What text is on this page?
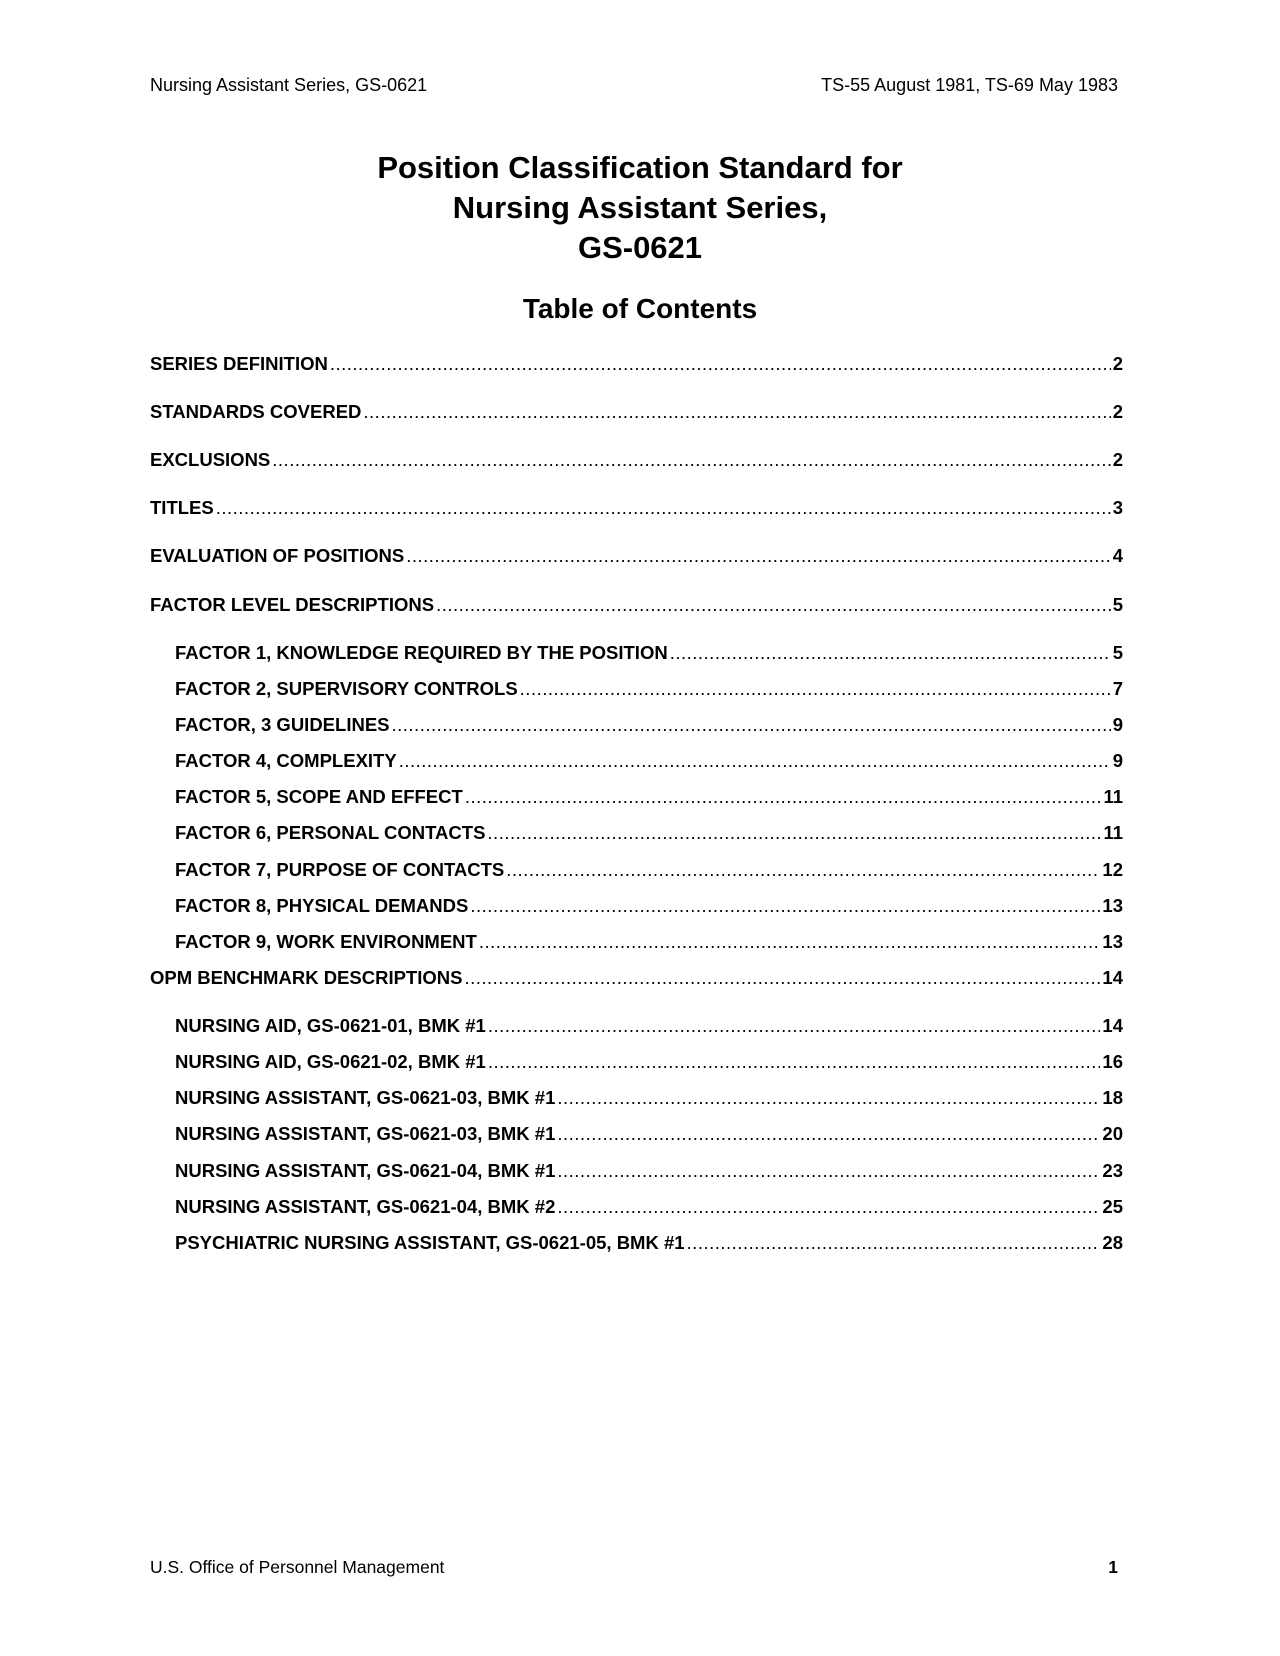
Nursing Assistant Series, GS-0621	TS-55 August 1981, TS-69 May 1983
Position Classification Standard for
Nursing Assistant Series,
GS-0621
Table of Contents
SERIES DEFINITION .....	2
STANDARDS COVERED .....	2
EXCLUSIONS .....	2
TITLES .....	3
EVALUATION OF POSITIONS .....	4
FACTOR LEVEL DESCRIPTIONS .....	5
FACTOR 1, KNOWLEDGE REQUIRED BY THE POSITION .....	5
FACTOR 2, SUPERVISORY CONTROLS .....	7
FACTOR, 3 GUIDELINES .....	9
FACTOR 4, COMPLEXITY .....	9
FACTOR 5, SCOPE AND EFFECT .....	11
FACTOR 6, PERSONAL CONTACTS .....	11
FACTOR 7, PURPOSE OF CONTACTS .....	12
FACTOR 8, PHYSICAL DEMANDS .....	13
FACTOR 9, WORK ENVIRONMENT .....	13
OPM BENCHMARK DESCRIPTIONS .....	14
NURSING AID, GS-0621-01, BMK #1 .....	14
NURSING AID, GS-0621-02, BMK #1 .....	16
NURSING ASSISTANT, GS-0621-03, BMK #1 .....	18
NURSING ASSISTANT, GS-0621-03, BMK #1 .....	20
NURSING ASSISTANT, GS-0621-04, BMK #1 .....	23
NURSING ASSISTANT, GS-0621-04, BMK #2 .....	25
PSYCHIATRIC NURSING ASSISTANT, GS-0621-05, BMK #1 .....	28
U.S. Office of Personnel Management	1
